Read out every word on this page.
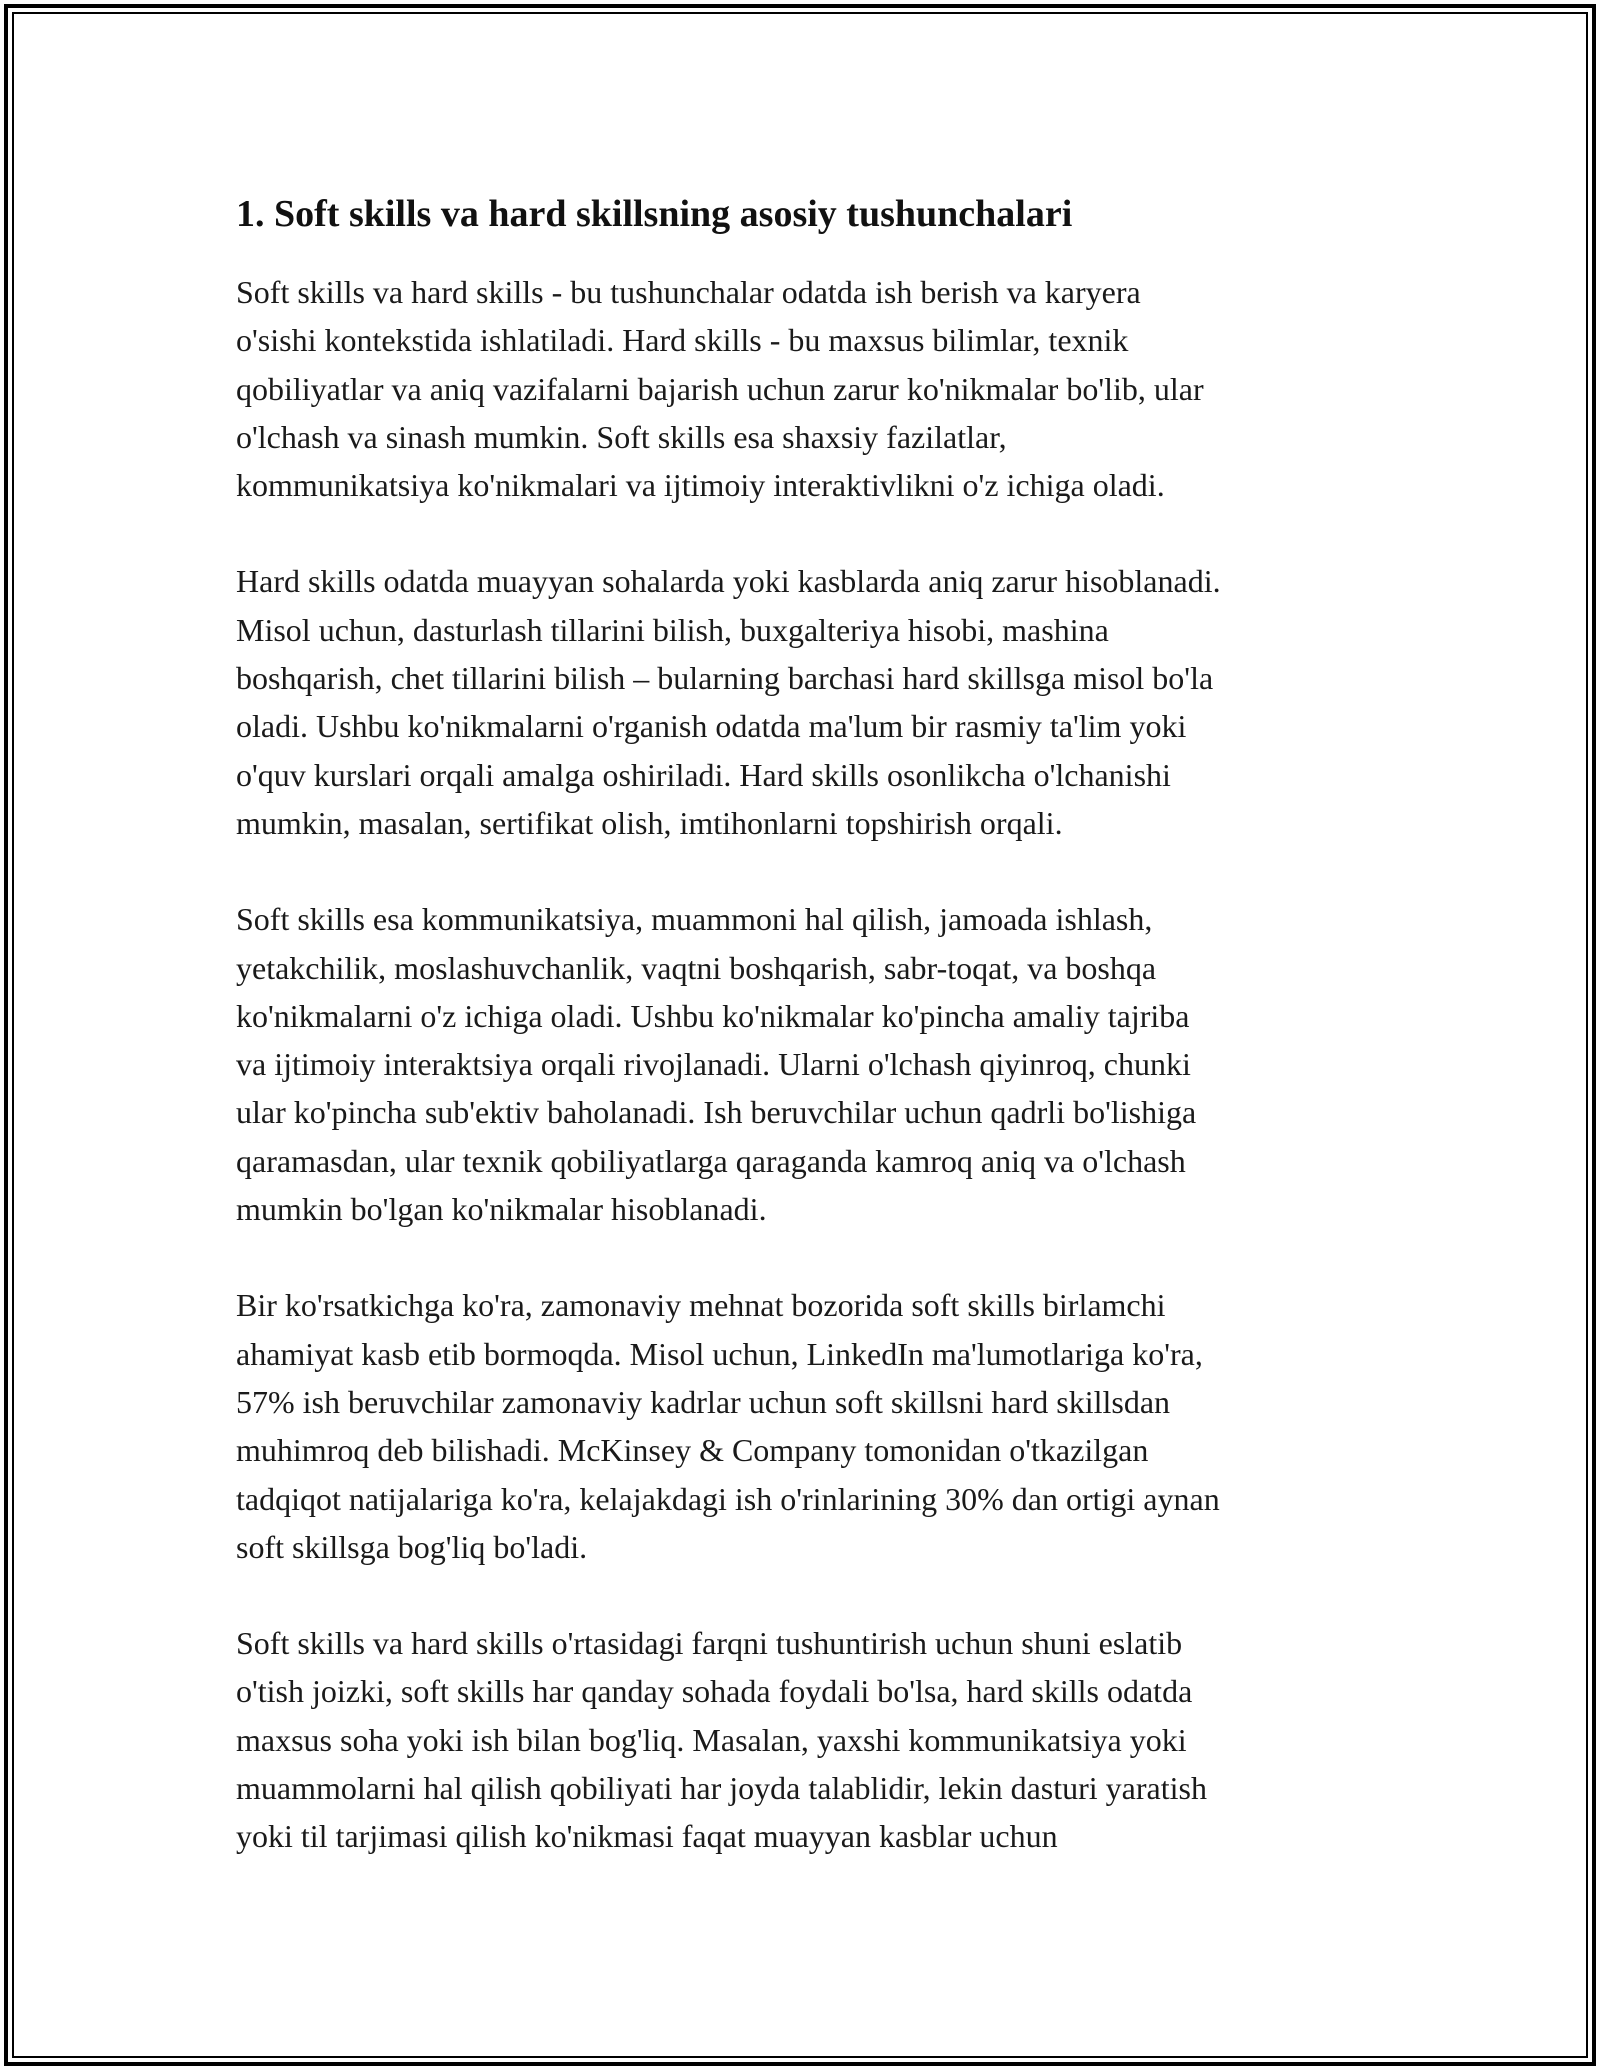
1. Soft skills va hard skillsning asosiy tushunchalari

Soft skills va hard skills - bu tushunchalar odatda ish berish va karyera
o'sishi kontekstida ishlatiladi. Hard skills - bu maxsus bilimlar, texnik
qobiliyatlar va aniq vazifalarni bajarish uchun zarur ko'nikmalar bo'lib, ular
o'lchash va sinash mumkin. Soft skills esa shaxsiy fazilatlar,
kommunikatsiya ko'nikmalari va ijtimoiy interaktivlikni o'z ichiga oladi.

Hard skills odatda muayyan sohalarda yoki kasblarda aniq zarur hisoblanadi.
Misol uchun, dasturlash tillarini bilish, buxgalteriya hisobi, mashina
boshqarish, chet tillarini bilish – bularning barchasi hard skillsga misol bo'la
oladi. Ushbu ko'nikmalarni o'rganish odatda ma'lum bir rasmiy ta'lim yoki
o'quv kurslari orqali amalga oshiriladi. Hard skills osonlikcha o'lchanishi
mumkin, masalan, sertifikat olish, imtihonlarni topshirish orqali.

Soft skills esa kommunikatsiya, muammoni hal qilish, jamoada ishlash,
yetakchilik, moslashuvchanlik, vaqtni boshqarish, sabr-toqat, va boshqa
ko'nikmalarni o'z ichiga oladi. Ushbu ko'nikmalar ko'pincha amaliy tajriba
va ijtimoiy interaktsiya orqali rivojlanadi. Ularni o'lchash qiyinroq, chunki
ular ko'pincha sub'ektiv baholanadi. Ish beruvchilar uchun qadrli bo'lishiga
qaramasdan, ular texnik qobiliyatlarga qaraganda kamroq aniq va o'lchash
mumkin bo'lgan ko'nikmalar hisoblanadi.

Bir ko'rsatkichga ko'ra, zamonaviy mehnat bozorida soft skills birlamchi
ahamiyat kasb etib bormoqda. Misol uchun, LinkedIn ma'lumotlariga ko'ra,
57% ish beruvchilar zamonaviy kadrlar uchun soft skillsni hard skillsdan
muhimroq deb bilishadi. McKinsey & Company tomonidan o'tkazilgan
tadqiqot natijalariga ko'ra, kelajakdagi ish o'rinlarining 30% dan ortigi aynan
soft skillsga bog'liq bo'ladi.

Soft skills va hard skills o'rtasidagi farqni tushuntirish uchun shuni eslatib
o'tish joizki, soft skills har qanday sohada foydali bo'lsa, hard skills odatda
maxsus soha yoki ish bilan bog'liq. Masalan, yaxshi kommunikatsiya yoki
muammolarni hal qilish qobiliyati har joyda talablidir, lekin dasturi yaratish
yoki til tarjimasi qilish ko'nikmasi faqat muayyan kasblar uchun
